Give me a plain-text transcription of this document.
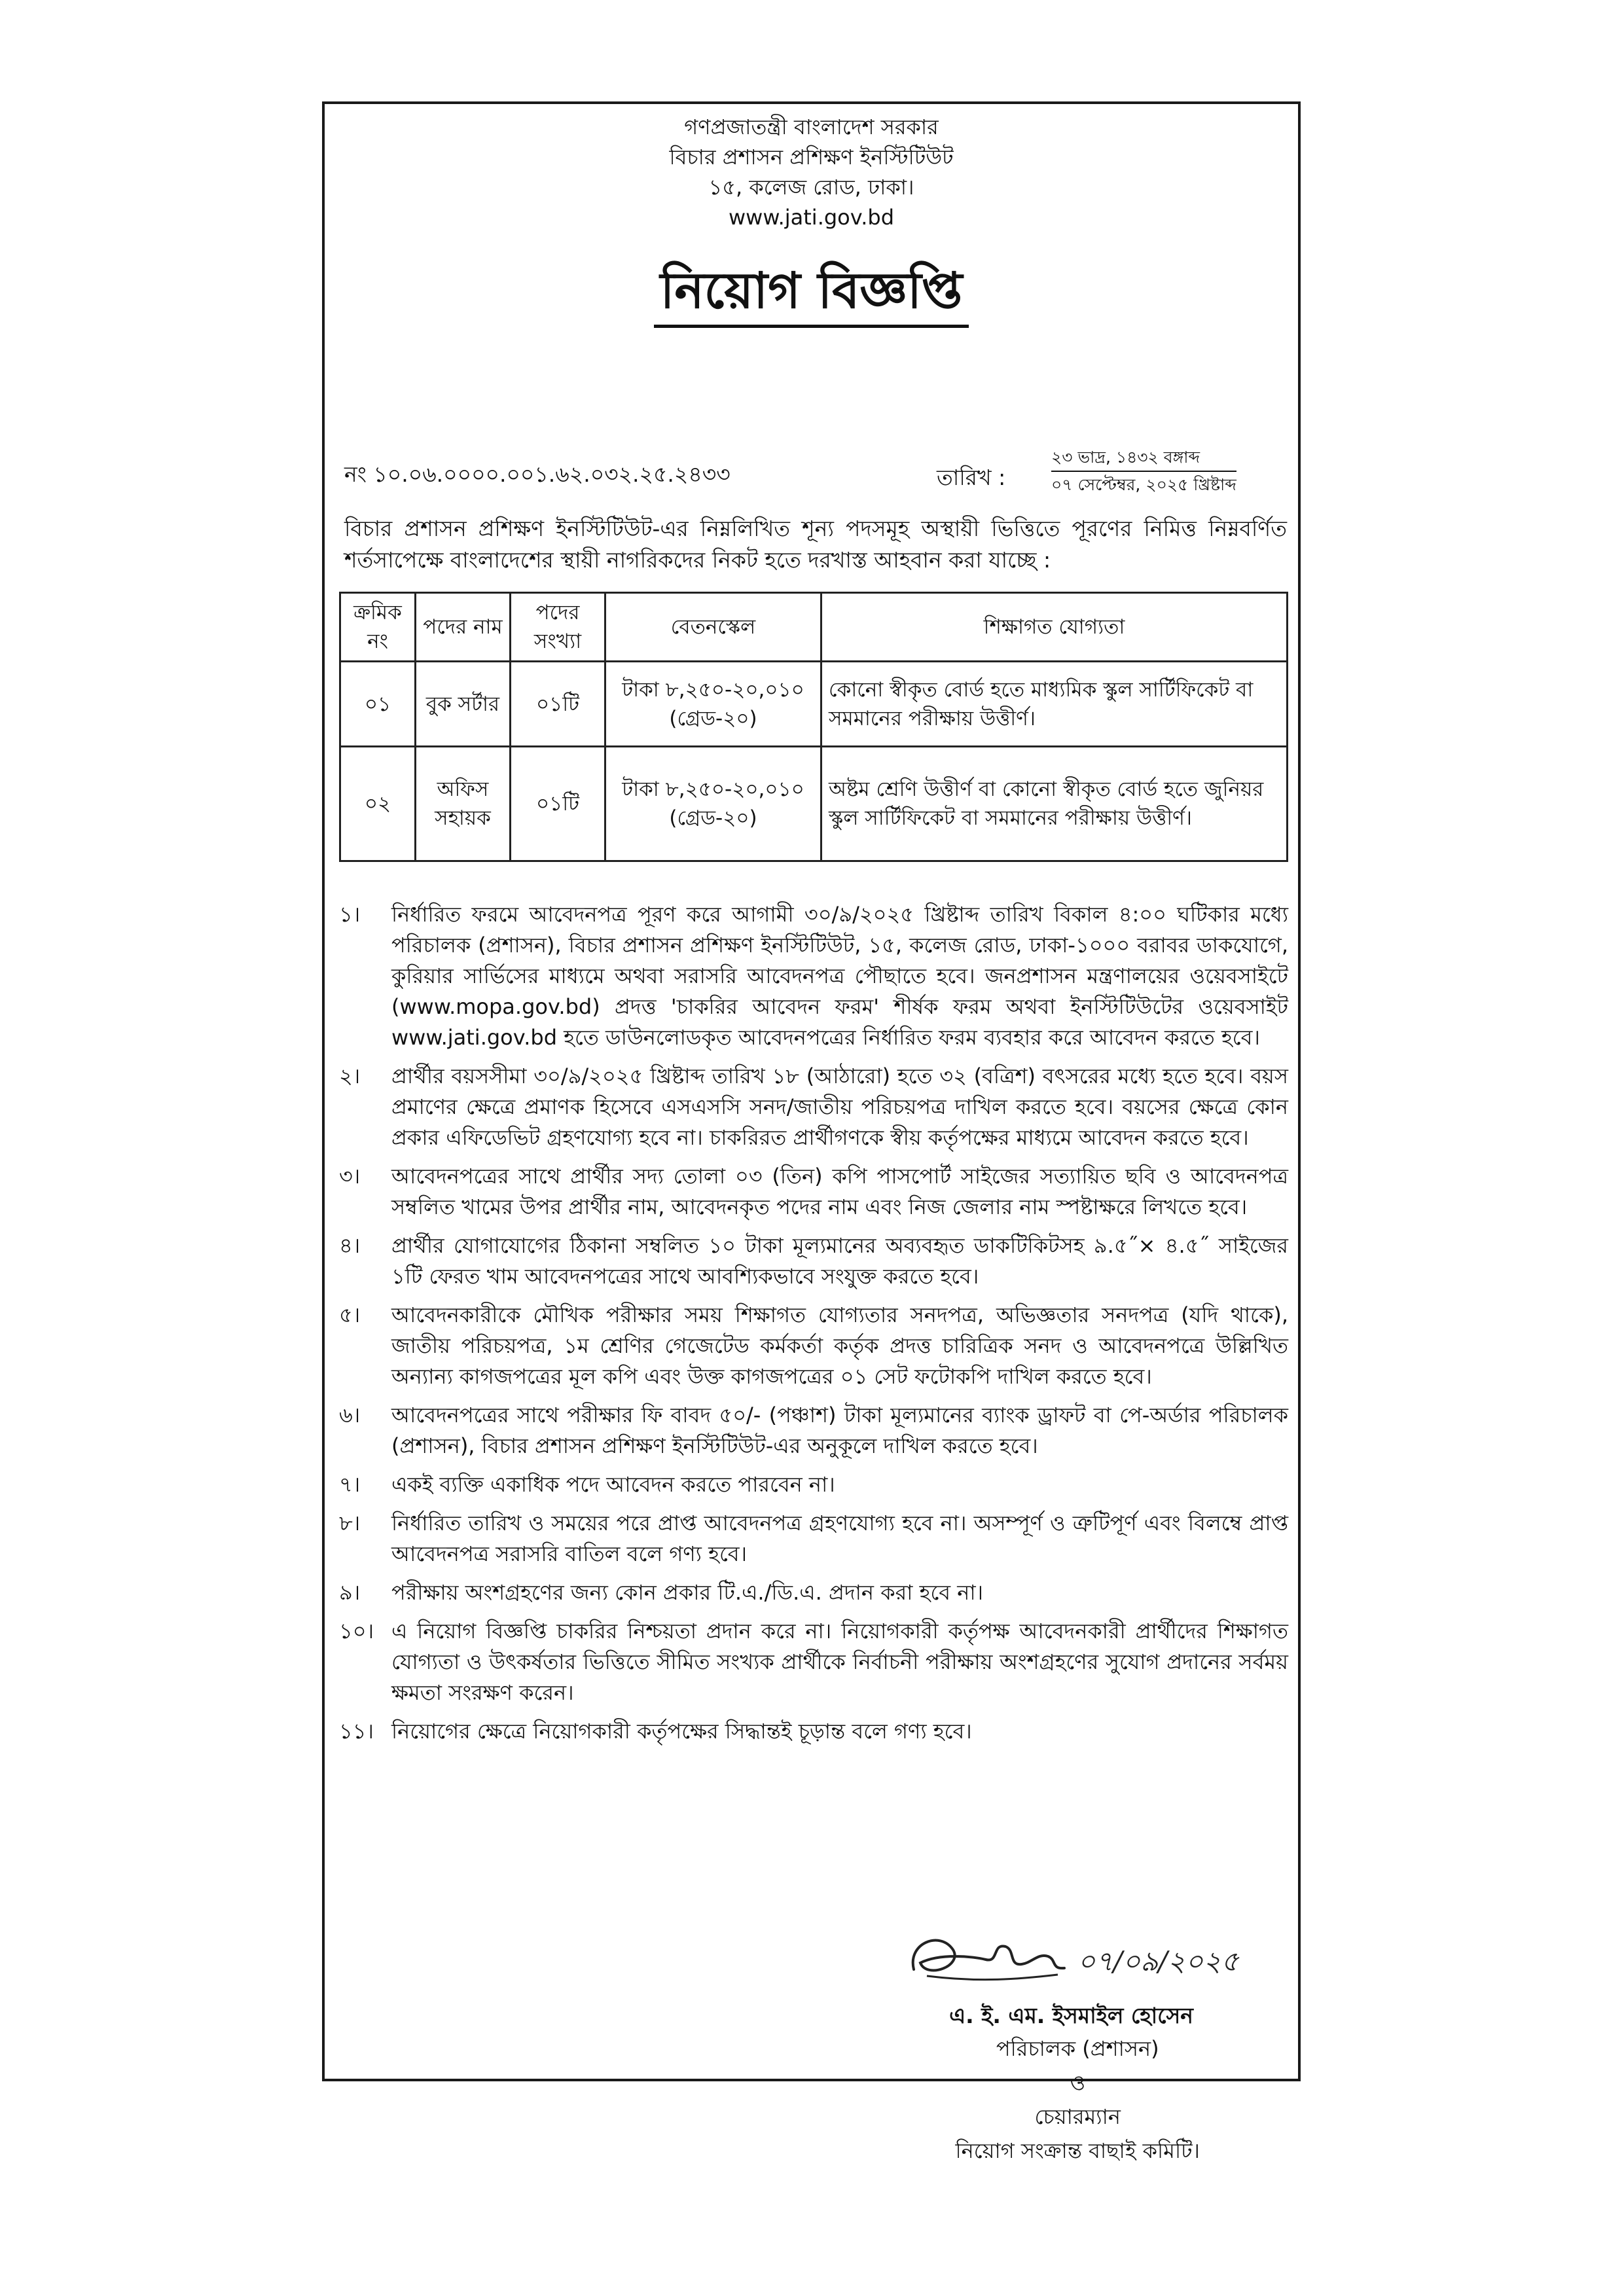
গণপ্রজাতন্ত্রী বাংলাদেশ সরকার
বিচার প্রশাসন প্রশিক্ষণ ইনস্টিটিউট
১৫, কলেজ রোড, ঢাকা।
www.jati.gov.bd
নিয়োগ বিজ্ঞপ্তি
নং ১০.০৬.০০০০.০০১.৬২.০৩২.২৫.২৪৩৩	তারিখ :
২৩ ভাদ্র, ১৪৩২ বঙ্গাব্দ
০৭ সেপ্টেম্বর, ২০২৫ খ্রিষ্টাব্দ
বিচার প্রশাসন প্রশিক্ষণ ইনস্টিটিউট-এর নিম্নলিখিত শূন্য পদসমূহ অস্থায়ী ভিত্তিতে পূরণের নিমিত্ত নিম্নবর্ণিত শর্তসাপেক্ষে বাংলাদেশের স্থায়ী নাগরিকদের নিকট হতে দরখাস্ত আহবান করা যাচ্ছে :
ক্রমিক নং	পদের নাম	পদের সংখ্যা	বেতনস্কেল	শিক্ষাগত যোগ্যতা
০১	বুক সর্টার	০১টি	টাকা ৮,২৫০-২০,০১০ (গ্রেড-২০)	কোনো স্বীকৃত বোর্ড হতে মাধ্যমিক স্কুল সার্টিফিকেট বা সমমানের পরীক্ষায় উত্তীর্ণ।
০২	অফিস সহায়ক	০১টি	টাকা ৮,২৫০-২০,০১০ (গ্রেড-২০)	অষ্টম শ্রেণি উত্তীর্ণ বা কোনো স্বীকৃত বোর্ড হতে জুনিয়র স্কুল সার্টিফিকেট বা সমমানের পরীক্ষায় উত্তীর্ণ।
১।	নির্ধারিত ফরমে আবেদনপত্র পূরণ করে আগামী ৩০/৯/২০২৫ খ্রিষ্টাব্দ তারিখ বিকাল ৪:০০ ঘটিকার মধ্যে পরিচালক (প্রশাসন), বিচার প্রশাসন প্রশিক্ষণ ইনস্টিটিউট, ১৫, কলেজ রোড, ঢাকা-১০০০ বরাবর ডাকযোগে, কুরিয়ার সার্ভিসের মাধ্যমে অথবা সরাসরি আবেদনপত্র পৌছাতে হবে। জনপ্রশাসন মন্ত্রণালয়ের ওয়েবসাইটে (www.mopa.gov.bd) প্রদত্ত 'চাকরির আবেদন ফরম' শীর্ষক ফরম অথবা ইনস্টিটিউটের ওয়েবসাইট www.jati.gov.bd হতে ডাউনলোডকৃত আবেদনপত্রের নির্ধারিত ফরম ব্যবহার করে আবেদন করতে হবে।
২।	প্রার্থীর বয়সসীমা ৩০/৯/২০২৫ খ্রিষ্টাব্দ তারিখ ১৮ (আঠারো) হতে ৩২ (বত্রিশ) বৎসরের মধ্যে হতে হবে। বয়স প্রমাণের ক্ষেত্রে প্রমাণক হিসেবে এসএসসি সনদ/জাতীয় পরিচয়পত্র দাখিল করতে হবে। বয়সের ক্ষেত্রে কোন প্রকার এফিডেভিট গ্রহণযোগ্য হবে না। চাকরিরত প্রার্থীগণকে স্বীয় কর্তৃপক্ষের মাধ্যমে আবেদন করতে হবে।
৩।	আবেদনপত্রের সাথে প্রার্থীর সদ্য তোলা ০৩ (তিন) কপি পাসপোর্ট সাইজের সত্যায়িত ছবি ও আবেদনপত্র সম্বলিত খামের উপর প্রার্থীর নাম, আবেদনকৃত পদের নাম এবং নিজ জেলার নাম স্পষ্টাক্ষরে লিখতে হবে।
৪।	প্রার্থীর যোগাযোগের ঠিকানা সম্বলিত ১০ টাকা মূল্যমানের অব্যবহৃত ডাকটিকিটসহ ৯.৫˝× ৪.৫˝ সাইজের ১টি ফেরত খাম আবেদনপত্রের সাথে আবশ্যিকভাবে সংযুক্ত করতে হবে।
৫।	আবেদনকারীকে মৌখিক পরীক্ষার সময় শিক্ষাগত যোগ্যতার সনদপত্র, অভিজ্ঞতার সনদপত্র (যদি থাকে), জাতীয় পরিচয়পত্র, ১ম শ্রেণির গেজেটেড কর্মকর্তা কর্তৃক প্রদত্ত চারিত্রিক সনদ ও আবেদনপত্রে উল্লিখিত অন্যান্য কাগজপত্রের মূল কপি এবং উক্ত কাগজপত্রের ০১ সেট ফটোকপি দাখিল করতে হবে।
৬।	আবেদনপত্রের সাথে পরীক্ষার ফি বাবদ ৫০/- (পঞ্চাশ) টাকা মূল্যমানের ব্যাংক ড্রাফট বা পে-অর্ডার পরিচালক (প্রশাসন), বিচার প্রশাসন প্রশিক্ষণ ইনস্টিটিউট-এর অনুকূলে দাখিল করতে হবে।
৭।	একই ব্যক্তি একাধিক পদে আবেদন করতে পারবেন না।
৮।	নির্ধারিত তারিখ ও সময়ের পরে প্রাপ্ত আবেদনপত্র গ্রহণযোগ্য হবে না। অসম্পূর্ণ ও ত্রুটিপূর্ণ এবং বিলম্বে প্রাপ্ত আবেদনপত্র সরাসরি বাতিল বলে গণ্য হবে।
৯।	পরীক্ষায় অংশগ্রহণের জন্য কোন প্রকার টি.এ./ডি.এ. প্রদান করা হবে না।
১০। এ নিয়োগ বিজ্ঞপ্তি চাকরির নিশ্চয়তা প্রদান করে না। নিয়োগকারী কর্তৃপক্ষ আবেদনকারী প্রার্থীদের শিক্ষাগত যোগ্যতা ও উৎকর্ষতার ভিত্তিতে সীমিত সংখ্যক প্রার্থীকে নির্বাচনী পরীক্ষায় অংশগ্রহণের সুযোগ প্রদানের সর্বময় ক্ষমতা সংরক্ষণ করেন।
১১। নিয়োগের ক্ষেত্রে নিয়োগকারী কর্তৃপক্ষের সিদ্ধান্তই চূড়ান্ত বলে গণ্য হবে।
০৭/০৯/২০২৫
এ. ই. এম. ইসমাইল হোসেন
পরিচালক (প্রশাসন)
ও
চেয়ারম্যান
নিয়োগ সংক্রান্ত বাছাই কমিটি।
